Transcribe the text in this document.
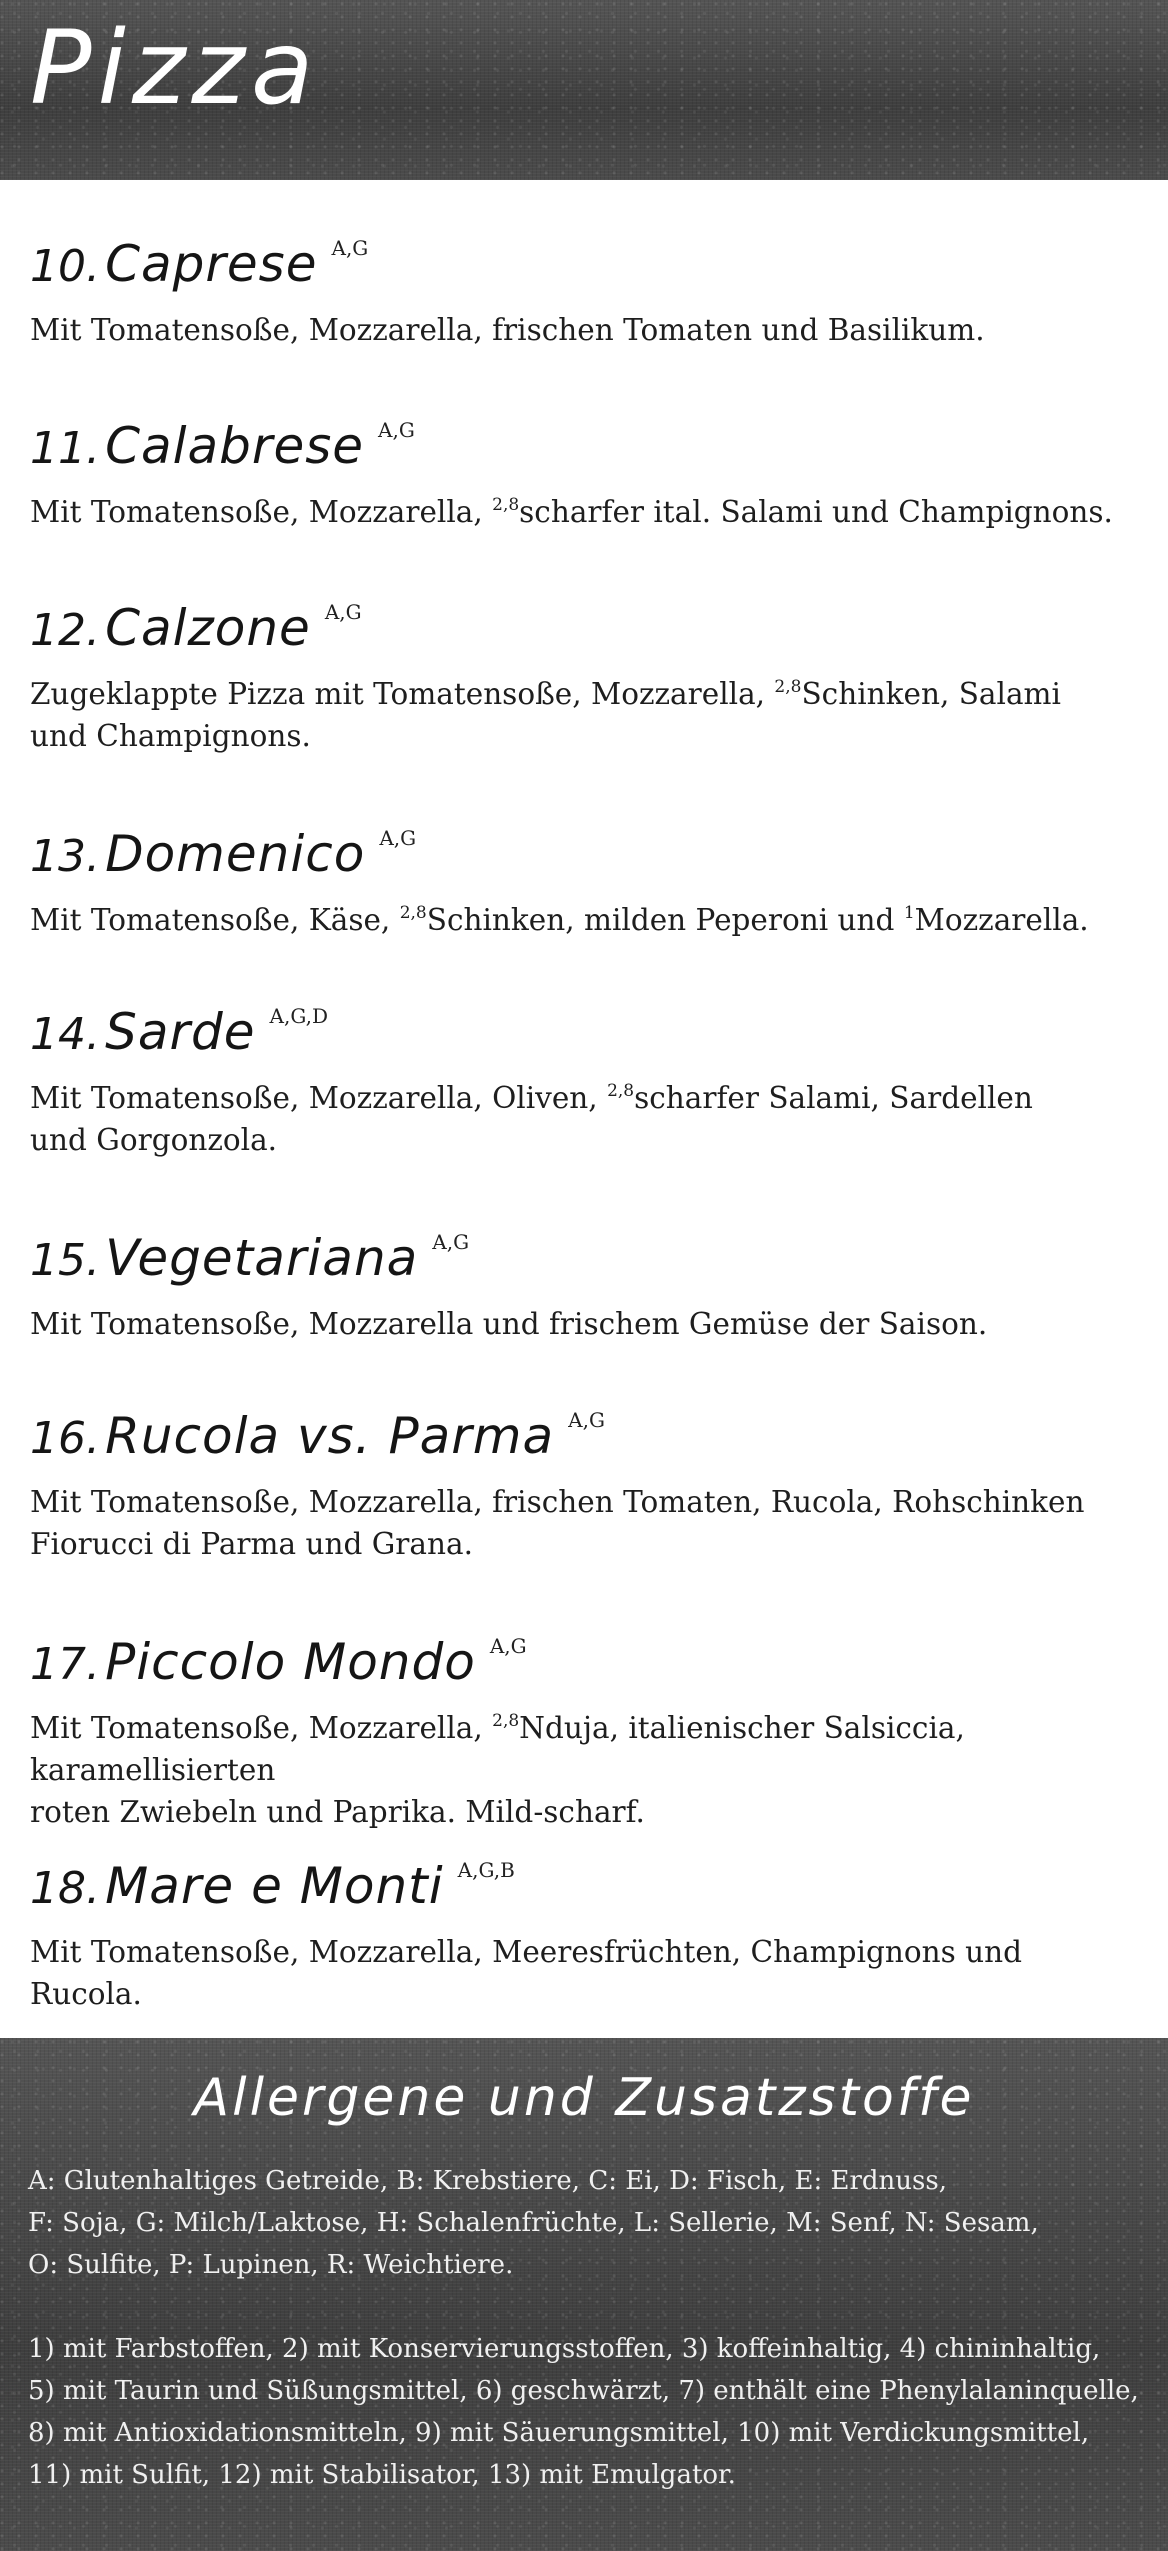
Pizza
10. Caprese A,G
Mit Tomatensoße, Mozzarella, frischen Tomaten und Basilikum.
11. Calabrese A,G
Mit Tomatensoße, Mozzarella, $^{2,8}$scharfer ital. Salami und Champignons.
12. Calzone A,G
Zugeklappte Pizza mit Tomatensoße, Mozzarella, $^{2,8}$Schinken, Salami
und Champignons.
13. Domenico A,G
Mit Tomatensoße, Käse, $^{2,8}$Schinken, milden Peperoni und $^1$Mozzarella.
14. Sarde A,G,D
Mit Tomatensoße, Mozzarella, Oliven, $^{2,8}$scharfer Salami, Sardellen
und Gorgonzola.
15. Vegetariana A,G
Mit Tomatensoße, Mozzarella und frischem Gemüse der Saison.
16. Rucola vs. Parma A,G
Mit Tomatensoße, Mozzarella, frischen Tomaten, Rucola, Rohschinken
Fiorucci di Parma und Grana.
17. Piccolo Mondo A,G
Mit Tomatensoße, Mozzarella, $^{2,8}$Nduja, italienischer Salsiccia, karamellisierten
roten Zwiebeln und Paprika. Mild-scharf.
18. Mare e Monti A,G,B
Mit Tomatensoße, Mozzarella, Meeresfrüchten, Champignons und Rucola.
Allergene und Zusatzstoffe
A: Glutenhaltiges Getreide, B: Krebstiere, C: Ei, D: Fisch, E: Erdnuss,
F: Soja, G: Milch/Laktose, H: Schalenfrüchte, L: Sellerie, M: Senf, N: Sesam,
O: Sulfite, P: Lupinen, R: Weichtiere.
1) mit Farbstoffen, 2) mit Konservierungsstoffen, 3) koffeinhaltig, 4) chininhaltig,
5) mit Taurin und Süßungsmittel, 6) geschwärzt, 7) enthält eine Phenylalaninquelle,
8) mit Antioxidationsmitteln, 9) mit Säuerungsmittel, 10) mit Verdickungsmittel,
11) mit Sulfit, 12) mit Stabilisator, 13) mit Emulgator.
